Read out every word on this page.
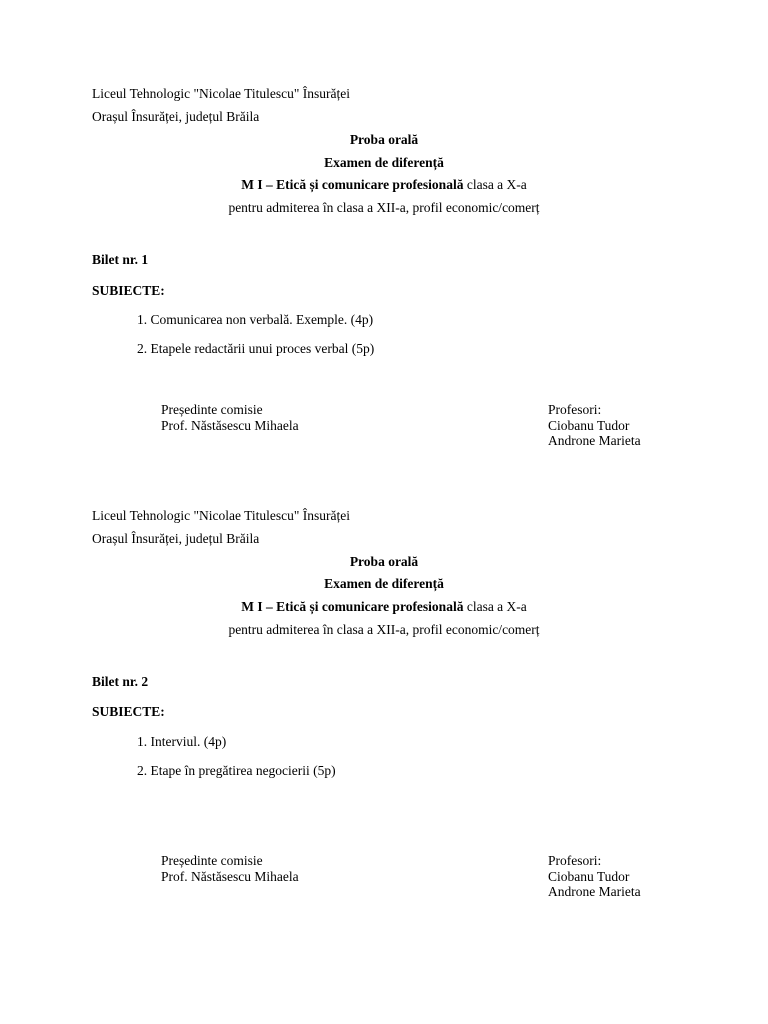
Liceul Tehnologic "Nicolae Titulescu" Însurăței
Orașul Însurăței, județul Brăila
Proba orală
Examen de diferență
M I – Etică și comunicare profesională clasa a X-a
pentru admiterea în clasa a XII-a, profil economic/comerț
Bilet nr. 1
SUBIECTE:
1. Comunicarea non verbală. Exemple. (4p)
2. Etapele redactării unui proces verbal (5p)
Președinte comisie
Prof. Năstăsescu Mihaela
Profesori:
Ciobanu Tudor
Androne Marieta
Liceul Tehnologic "Nicolae Titulescu" Însurăței
Orașul Însurăței, județul Brăila
Proba orală
Examen de diferență
M I – Etică și comunicare profesională clasa a X-a
pentru admiterea în clasa a XII-a, profil economic/comerț
Bilet nr. 2
SUBIECTE:
1. Interviul. (4p)
2. Etape în pregătirea negocierii (5p)
Președinte comisie
Prof. Năstăsescu Mihaela
Profesori:
Ciobanu Tudor
Androne Marieta
